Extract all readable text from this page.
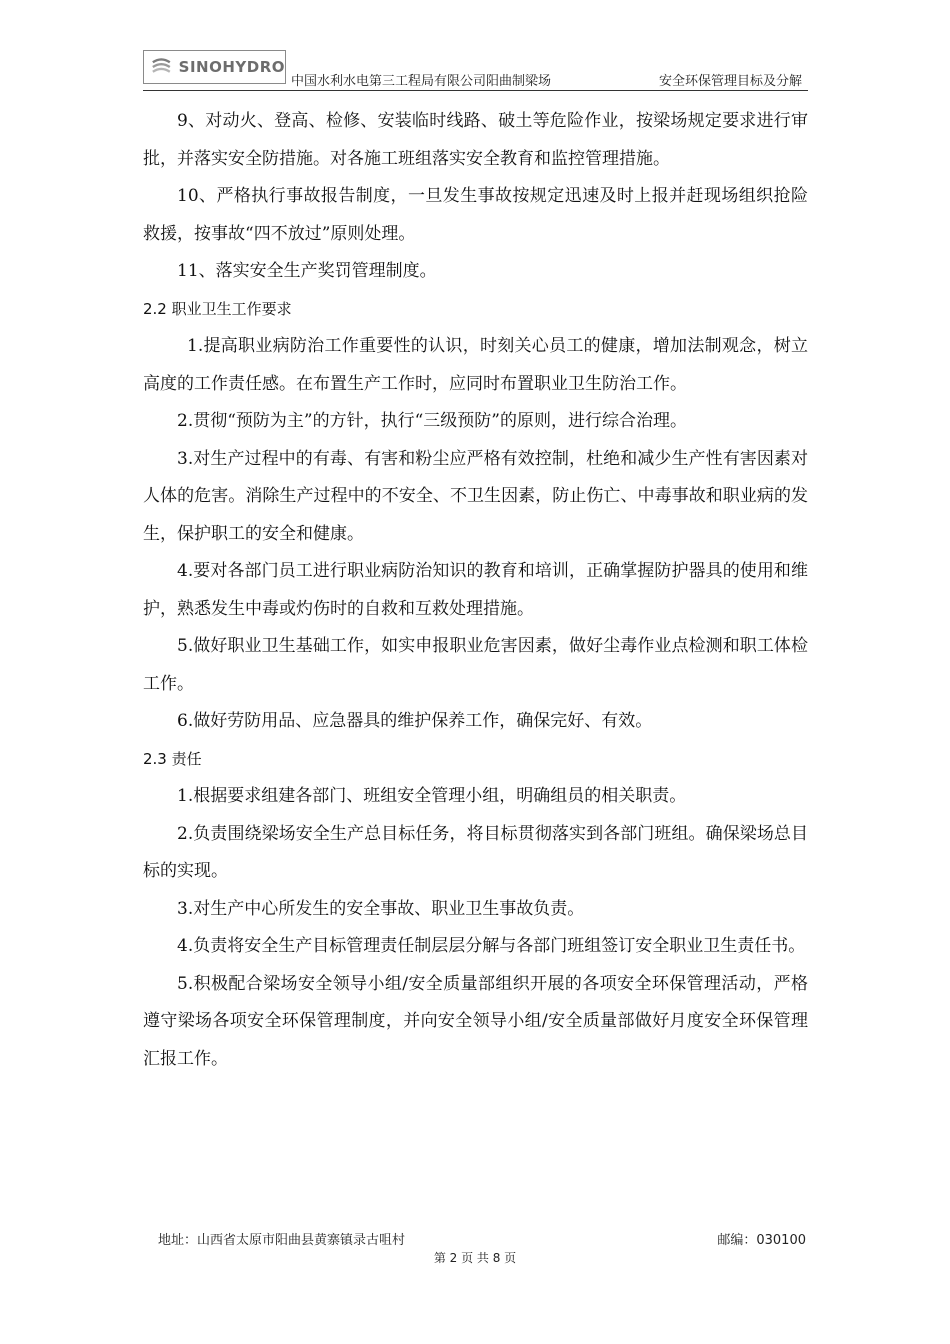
SINOHYDRO
中国水利水电第三工程局有限公司阳曲制梁场	安全环保管理目标及分解

9、对动火、登高、检修、安装临时线路、破土等危险作业，按梁场规定要求进行审批，并落实安全防措施。对各施工班组落实安全教育和监控管理措施。

10、严格执行事故报告制度，一旦发生事故按规定迅速及时上报并赶现场组织抢险救援，按事故“四不放过”原则处理。

11、落实安全生产奖罚管理制度。

2.2 职业卫生工作要求

1.提高职业病防治工作重要性的认识，时刻关心员工的健康，增加法制观念，树立高度的工作责任感。在布置生产工作时，应同时布置职业卫生防治工作。

2.贯彻“预防为主”的方针，执行“三级预防”的原则，进行综合治理。

3.对生产过程中的有毒、有害和粉尘应严格有效控制，杜绝和减少生产性有害因素对人体的危害。消除生产过程中的不安全、不卫生因素，防止伤亡、中毒事故和职业病的发生，保护职工的安全和健康。

4.要对各部门员工进行职业病防治知识的教育和培训，正确掌握防护器具的使用和维护，熟悉发生中毒或灼伤时的自救和互救处理措施。

5.做好职业卫生基础工作，如实申报职业危害因素，做好尘毒作业点检测和职工体检工作。

6.做好劳防用品、应急器具的维护保养工作，确保完好、有效。

2.3 责任

1.根据要求组建各部门、班组安全管理小组，明确组员的相关职责。

2.负责围绕梁场安全生产总目标任务，将目标贯彻落实到各部门班组。确保梁场总目标的实现。

3.对生产中心所发生的安全事故、职业卫生事故负责。

4.负责将安全生产目标管理责任制层层分解与各部门班组签订安全职业卫生责任书。

5.积极配合梁场安全领导小组/安全质量部组织开展的各项安全环保管理活动，严格遵守梁场各项安全环保管理制度，并向安全领导小组/安全质量部做好月度安全环保管理汇报工作。

地址：山西省太原市阳曲县黄寨镇录古咀村	邮编：030100
第 2 页 共 8 页
